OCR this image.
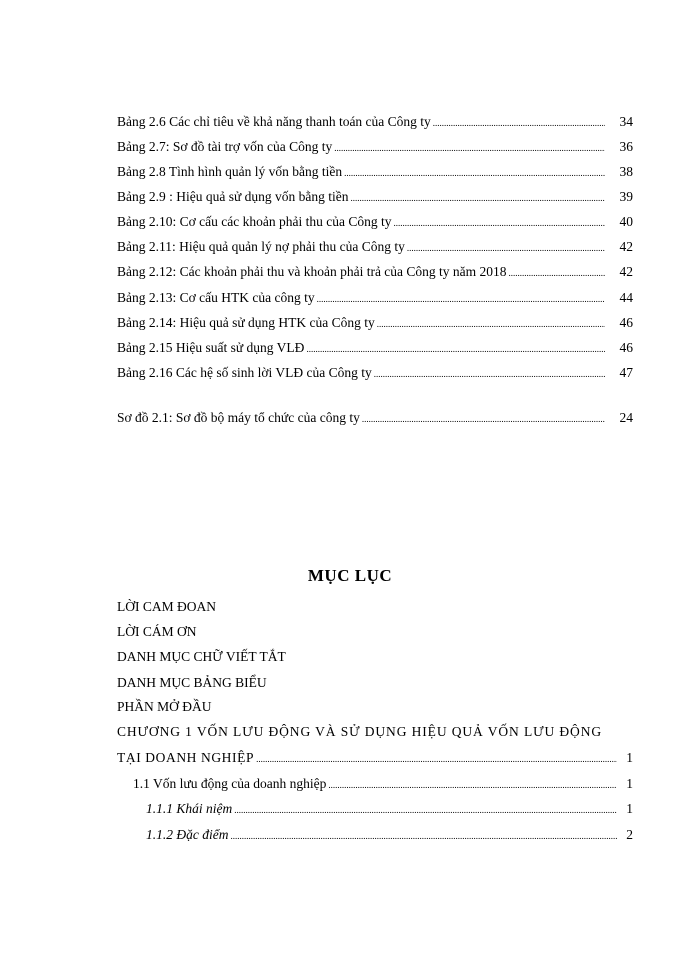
Bảng 2.6 Các chỉ tiêu về khả năng thanh toán của Công ty .....	34
Bảng 2.7: Sơ đồ tài trợ vốn của Công ty .....	36
Bảng 2.8 Tình hình quản lý vốn bằng tiền .....	38
Bảng 2.9 : Hiệu quả sử dụng vốn bằng tiền .....	39
Bảng 2.10: Cơ cấu các khoản phải thu của Công ty .....	40
Bảng 2.11: Hiệu quả quản lý nợ phải thu của Công ty .....	42
Bảng 2.12: Các khoản phải thu và khoản phải trả của Công ty năm 2018 .....	42
Bảng 2.13: Cơ cấu HTK của công ty .....	44
Bảng 2.14: Hiệu quả sử dụng HTK của Công ty .....	46
Bảng 2.15 Hiệu suất sử dụng VLĐ .....	46
Bảng 2.16 Các hệ số sinh lời VLĐ của Công ty .....	47
Sơ đồ 2.1: Sơ đồ bộ máy tổ chức của công ty .....	24
MỤC LỤC
LỜI CAM ĐOAN
LỜI CÁM ƠN
DANH MỤC CHỮ VIẾT TẮT
DANH MỤC BẢNG BIỂU
PHẦN MỞ ĐẦU
CHƯƠNG 1 VỐN LƯU ĐỘNG VÀ SỬ DỤNG HIỆU QUẢ VỐN LƯU ĐỘNG
TẠI DOANH NGHIỆP .....	1
1.1 Vốn lưu động của doanh nghiệp .....	1
1.1.1 Khái niệm .....	1
1.1.2 Đặc điểm .....	2
